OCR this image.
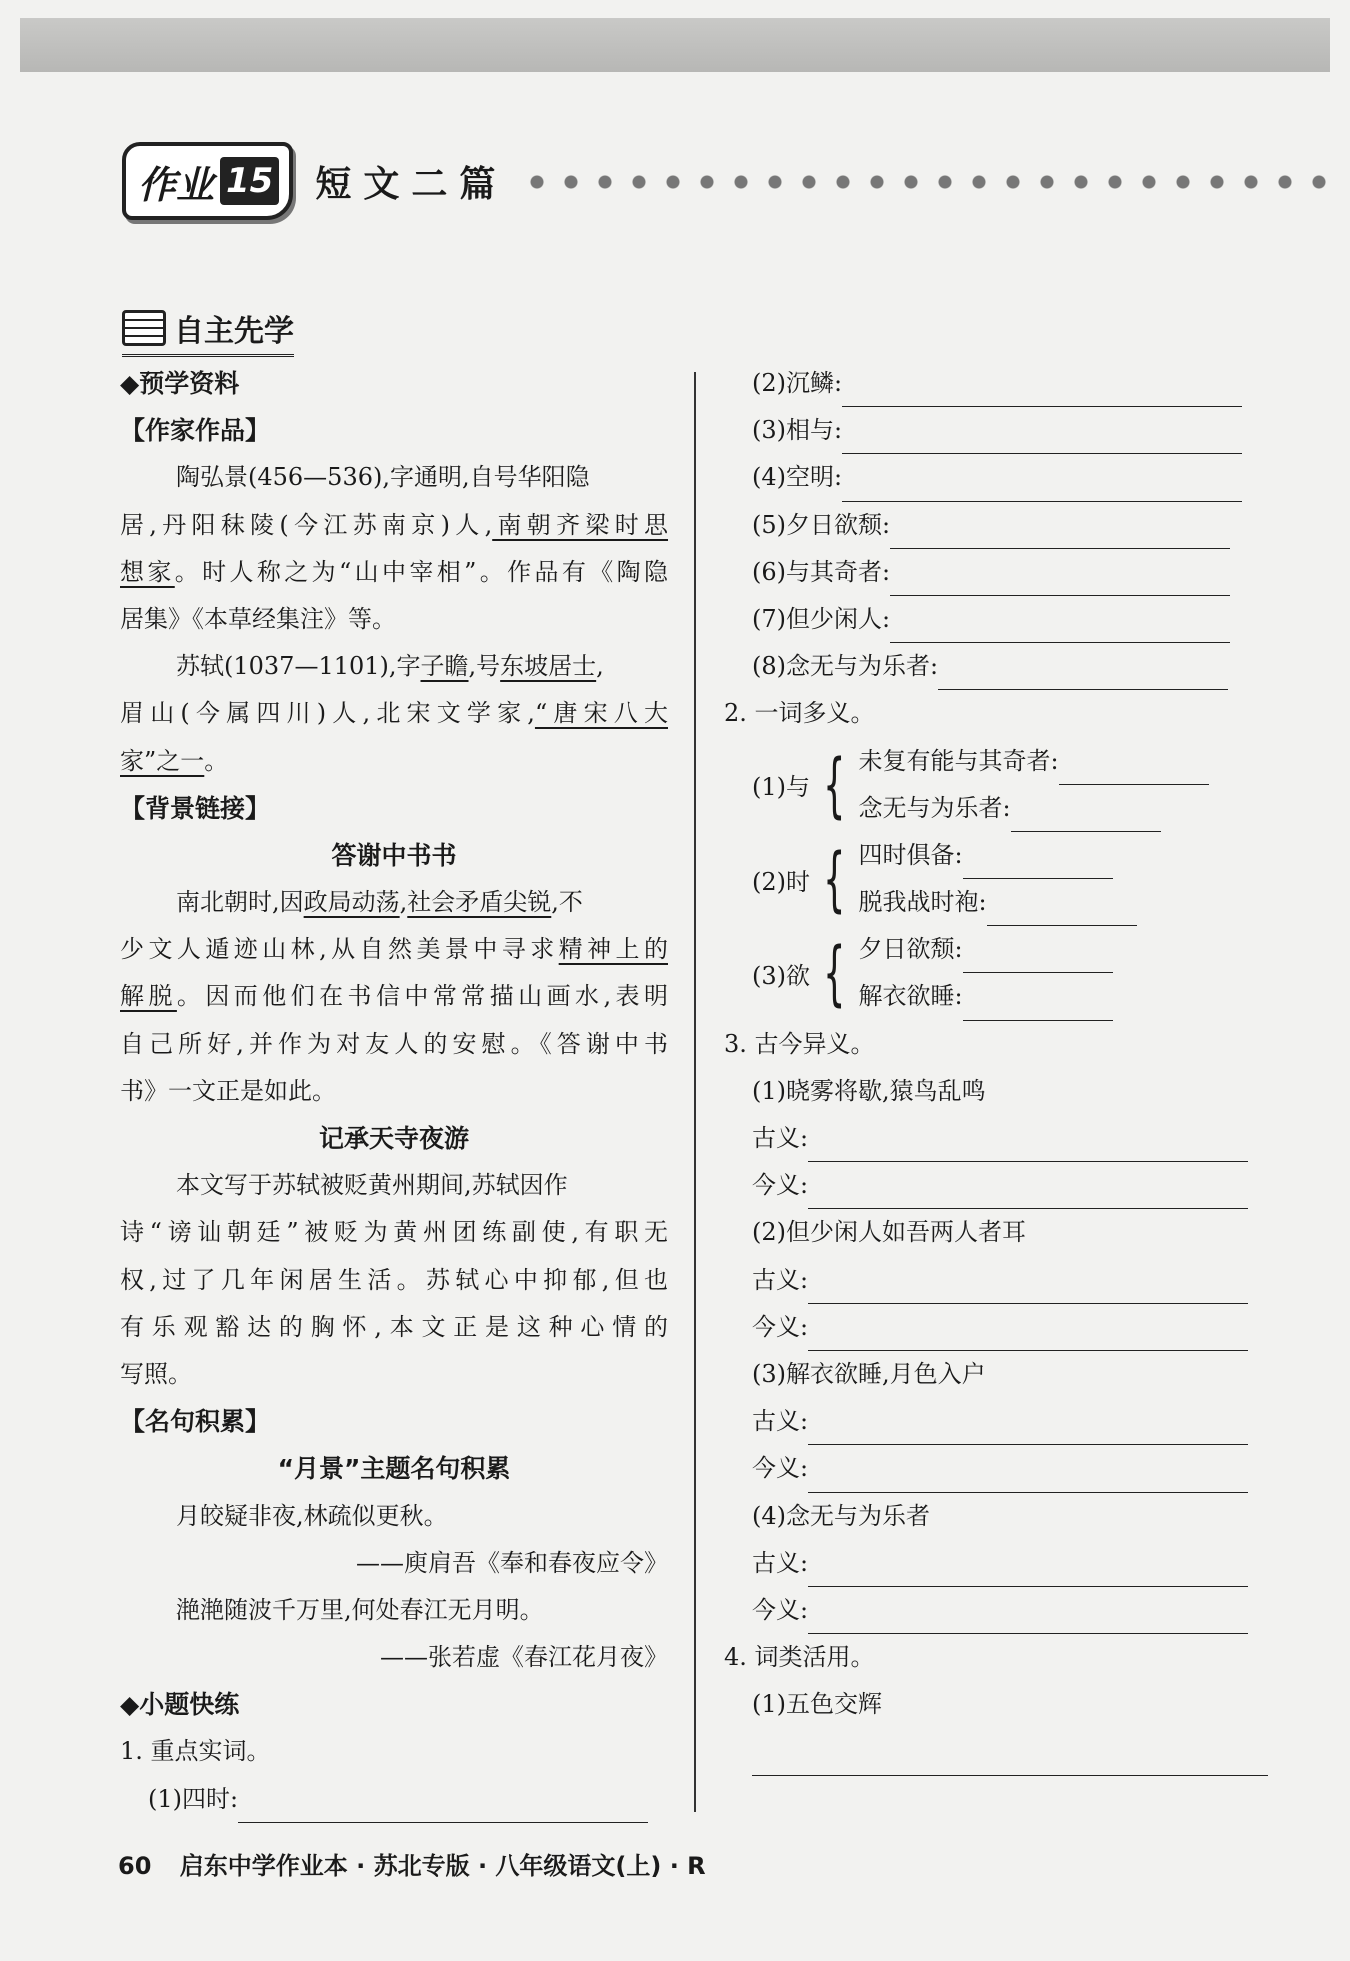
作业 15 短文二篇
自主先学
◆预学资料
【作家作品】
陶弘景(456—536),字通明,自号华阳隐
居,丹阳秣陵(今江苏南京)人,南朝齐梁时思
想家。时人称之为“山中宰相”。作品有《陶隐
居集》《本草经集注》等。
苏轼(1037—1101),字子瞻,号东坡居士,
眉山(今属四川)人,北宋文学家,“唐宋八大
家”之一。
【背景链接】
答谢中书书
南北朝时,因政局动荡,社会矛盾尖锐,不
少文人遁迹山林,从自然美景中寻求精神上的
解脱。因而他们在书信中常常描山画水,表明
自己所好,并作为对友人的安慰。《答谢中书
书》一文正是如此。
记承天寺夜游
本文写于苏轼被贬黄州期间,苏轼因作
诗“谤讪朝廷”被贬为黄州团练副使,有职无
权,过了几年闲居生活。苏轼心中抑郁,但也
有乐观豁达的胸怀,本文正是这种心情的
写照。
【名句积累】
“月景”主题名句积累
月皎疑非夜,林疏似更秋。
——庾肩吾《奉和春夜应令》
滟滟随波千万里,何处春江无月明。
——张若虚《春江花月夜》
◆小题快练
1. 重点实词。
(1)四时:
(2)沉鳞:
(3)相与:
(4)空明:
(5)夕日欲颓:
(6)与其奇者:
(7)但少闲人:
(8)念无与为乐者:
2. 一词多义。
(1)与 { 未复有能与其奇者:
念无与为乐者:
(2)时 { 四时俱备:
脱我战时袍:
(3)欲 { 夕日欲颓:
解衣欲睡:
3. 古今异义。
(1)晓雾将歇,猿鸟乱鸣
古义:
今义:
(2)但少闲人如吾两人者耳
古义:
今义:
(3)解衣欲睡,月色入户
古义:
今义:
(4)念无与为乐者
古义:
今义:
4. 词类活用。
(1)五色交辉
60 启东中学作业本 · 苏北专版 · 八年级语文(上) · R
